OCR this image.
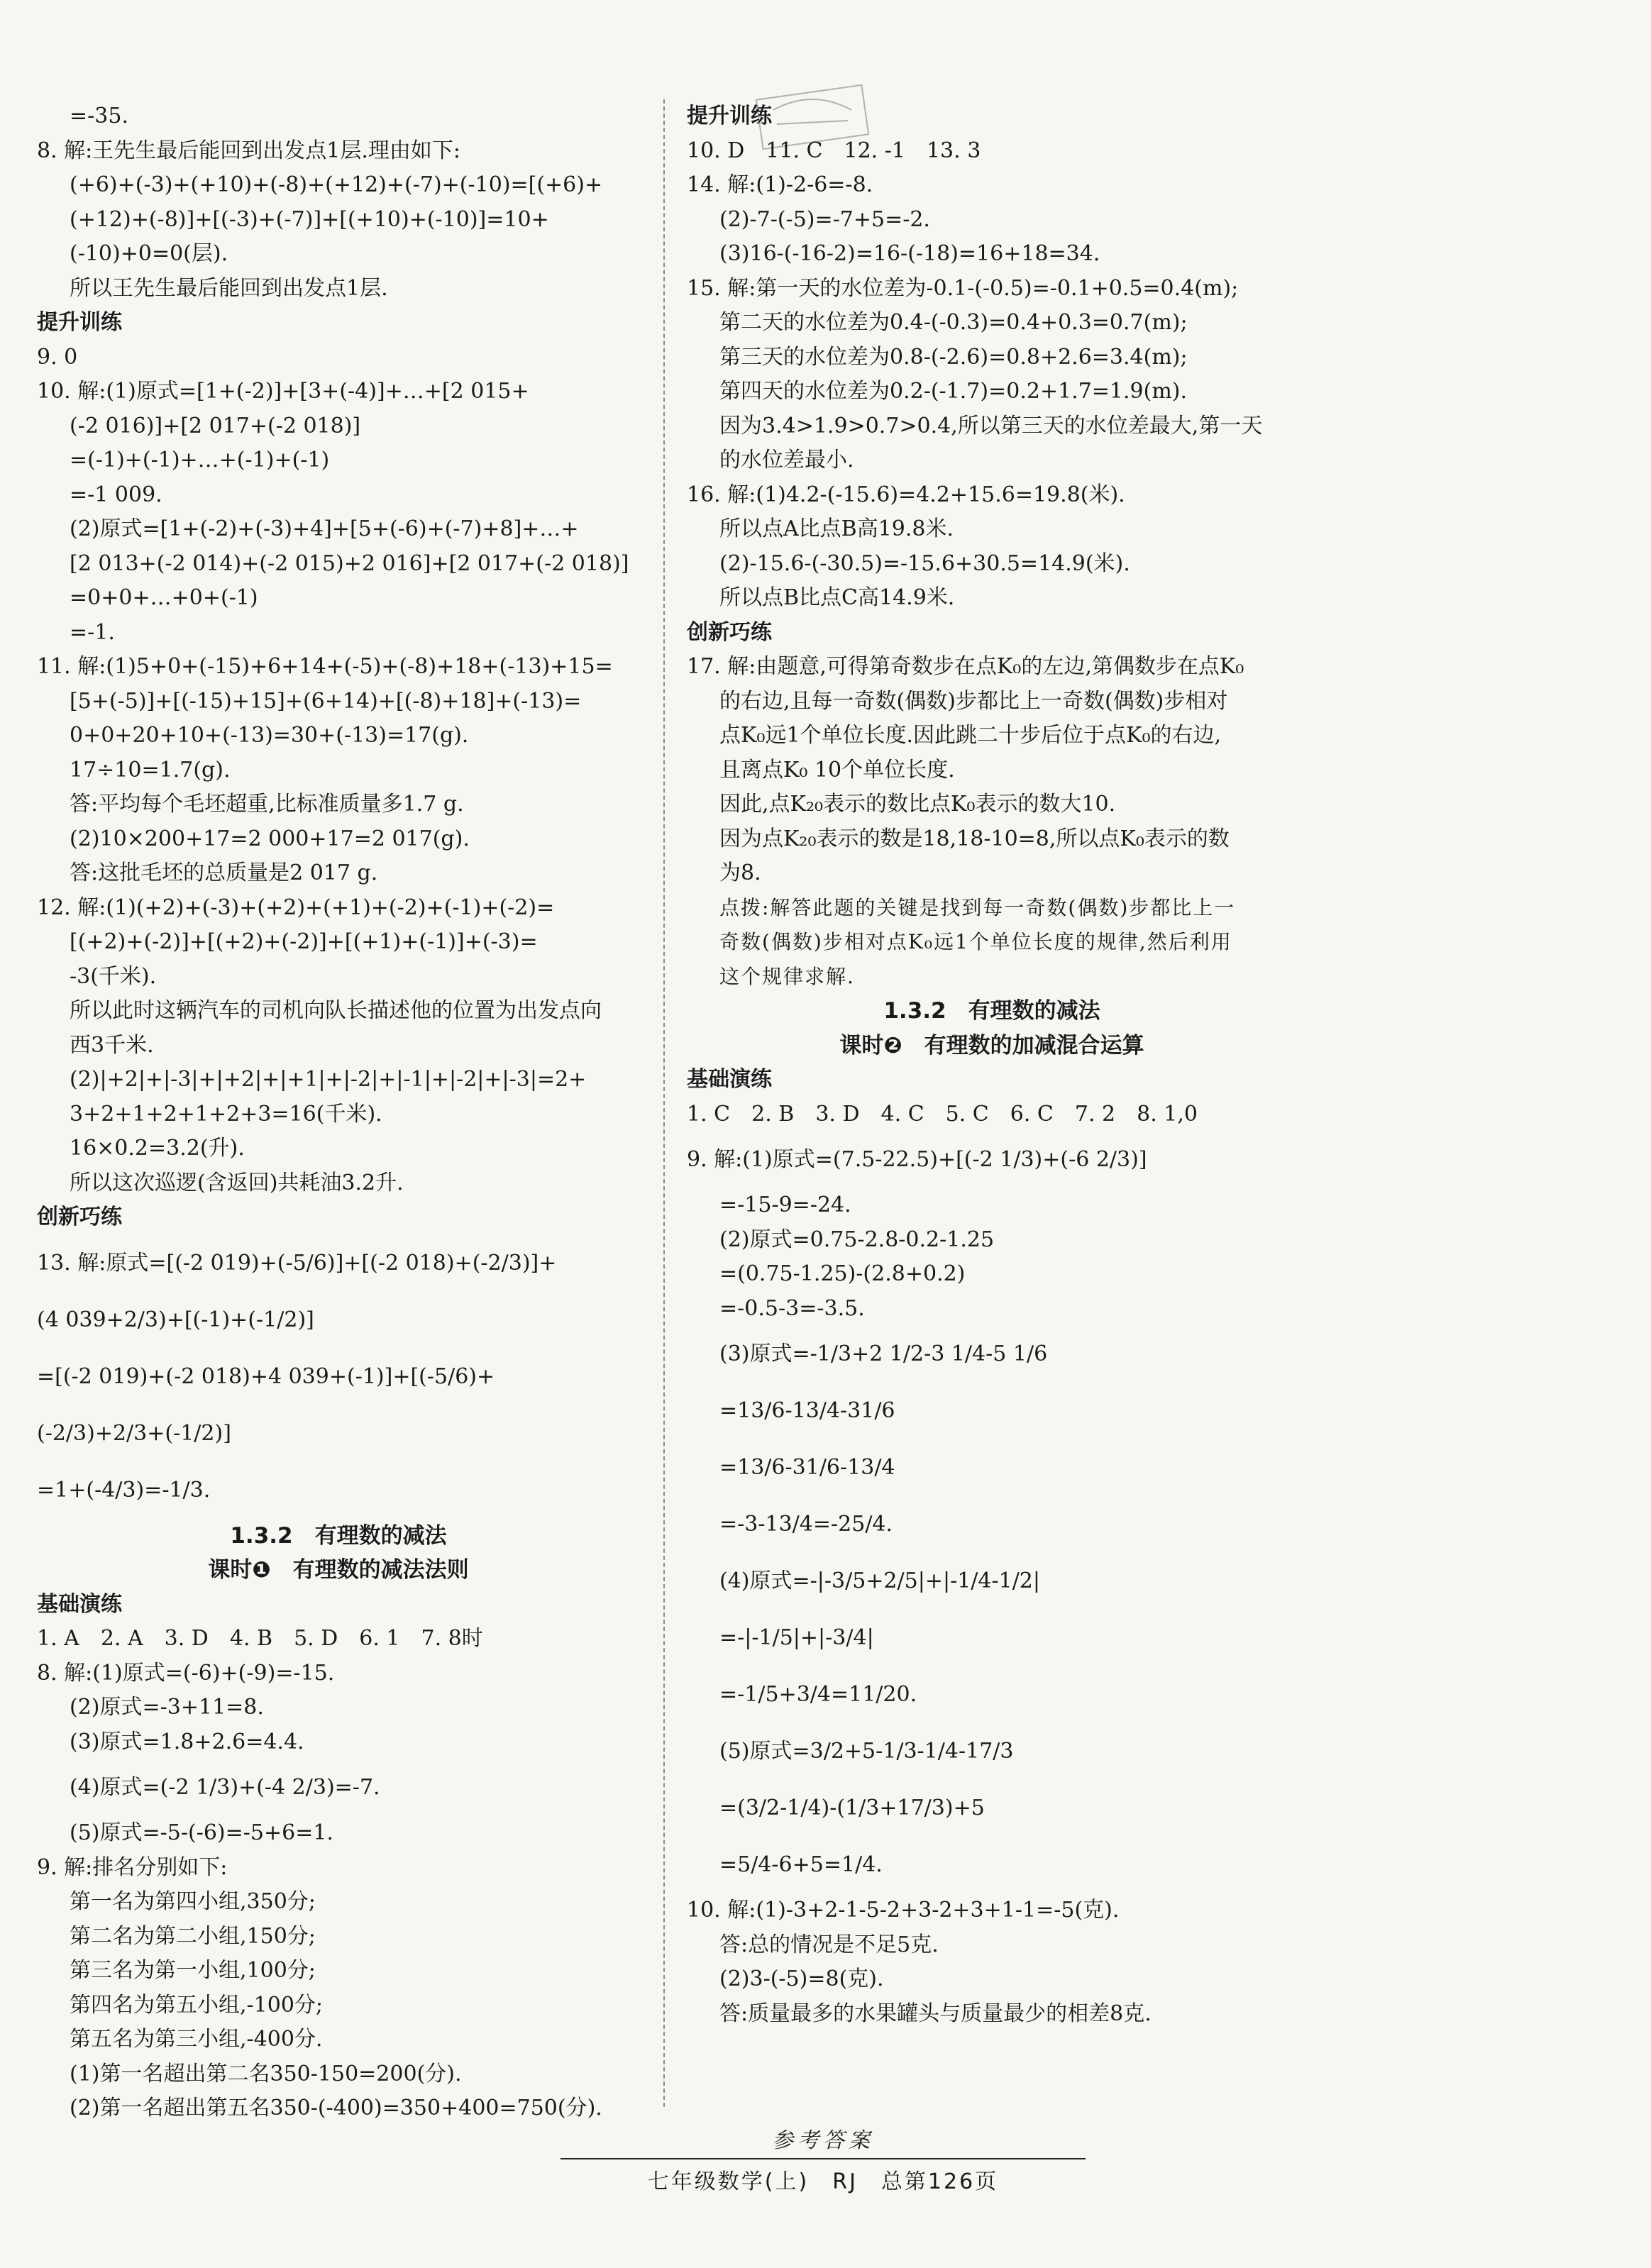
=-35.
8. 解:王先生最后能回到出发点1层.理由如下:
(+6)+(-3)+(+10)+(-8)+(+12)+(-7)+(-10)=[(+6)+
(+12)+(-8)]+[(-3)+(-7)]+[(+10)+(-10)]=10+
(-10)+0=0(层).
所以王先生最后能回到出发点1层.
提升训练
9. 0
10. 解:(1)原式=[1+(-2)]+[3+(-4)]+…+[2 015+
(-2 016)]+[2 017+(-2 018)]
=(-1)+(-1)+…+(-1)+(-1)
=-1 009.
(2)原式=[1+(-2)+(-3)+4]+[5+(-6)+(-7)+8]+…+
[2 013+(-2 014)+(-2 015)+2 016]+[2 017+(-2 018)]
=0+0+…+0+(-1)
=-1.
11. 解:(1)5+0+(-15)+6+14+(-5)+(-8)+18+(-13)+15=
[5+(-5)]+[(-15)+15]+(6+14)+[(-8)+18]+(-13)=
0+0+20+10+(-13)=30+(-13)=17(g).
17÷10=1.7(g).
答:平均每个毛坯超重,比标准质量多1.7 g.
(2)10×200+17=2 000+17=2 017(g).
答:这批毛坯的总质量是2 017 g.
12. 解:(1)(+2)+(-3)+(+2)+(+1)+(-2)+(-1)+(-2)=
[(+2)+(-2)]+[(+2)+(-2)]+[(+1)+(-1)]+(-3)=
-3(千米).
所以此时这辆汽车的司机向队长描述他的位置为出发点向
西3千米.
(2)|+2|+|-3|+|+2|+|+1|+|-2|+|-1|+|-2|+|-3|=2+
3+2+1+2+1+2+3=16(千米).
16×0.2=3.2(升).
所以这次巡逻(含返回)共耗油3.2升.
创新巧练
13. 解:原式=[(-2 019)+(-5/6)]+[(-2 018)+(-2/3)]+
(4 039+2/3)+[(-1)+(-1/2)]
=[(-2 019)+(-2 018)+4 039+(-1)]+[(-5/6)+
(-2/3)+2/3+(-1/2)]
=1+(-4/3)=-1/3.
1.3.2　有理数的减法
课时❶　有理数的减法法则
基础演练
1. A　2. A　3. D　4. B　5. D　6. 1　7. 8时
8. 解:(1)原式=(-6)+(-9)=-15.
(2)原式=-3+11=8.
(3)原式=1.8+2.6=4.4.
(4)原式=(-2 1/3)+(-4 2/3)=-7.
(5)原式=-5-(-6)=-5+6=1.
9. 解:排名分别如下:
第一名为第四小组,350分;
第二名为第二小组,150分;
第三名为第一小组,100分;
第四名为第五小组,-100分;
第五名为第三小组,-400分.
(1)第一名超出第二名350-150=200(分).
(2)第一名超出第五名350-(-400)=350+400=750(分).
提升训练
10. D　11. C　12. -1　13. 3
14. 解:(1)-2-6=-8.
(2)-7-(-5)=-7+5=-2.
(3)16-(-16-2)=16-(-18)=16+18=34.
15. 解:第一天的水位差为-0.1-(-0.5)=-0.1+0.5=0.4(m);
第二天的水位差为0.4-(-0.3)=0.4+0.3=0.7(m);
第三天的水位差为0.8-(-2.6)=0.8+2.6=3.4(m);
第四天的水位差为0.2-(-1.7)=0.2+1.7=1.9(m).
因为3.4>1.9>0.7>0.4,所以第三天的水位差最大,第一天
的水位差最小.
16. 解:(1)4.2-(-15.6)=4.2+15.6=19.8(米).
所以点A比点B高19.8米.
(2)-15.6-(-30.5)=-15.6+30.5=14.9(米).
所以点B比点C高14.9米.
创新巧练
17. 解:由题意,可得第奇数步在点K₀的左边,第偶数步在点K₀
的右边,且每一奇数(偶数)步都比上一奇数(偶数)步相对
点K₀远1个单位长度.因此跳二十步后位于点K₀的右边,
且离点K₀ 10个单位长度.
因此,点K₂₀表示的数比点K₀表示的数大10.
因为点K₂₀表示的数是18,18-10=8,所以点K₀表示的数
为8.
点拨:解答此题的关键是找到每一奇数(偶数)步都比上一
奇数(偶数)步相对点K₀远1个单位长度的规律,然后利用
这个规律求解.
1.3.2　有理数的减法
课时❷　有理数的加减混合运算
基础演练
1. C　2. B　3. D　4. C　5. C　6. C　7. 2　8. 1,0
9. 解:(1)原式=(7.5-22.5)+[(-2 1/3)+(-6 2/3)]
=-15-9=-24.
(2)原式=0.75-2.8-0.2-1.25
=(0.75-1.25)-(2.8+0.2)
=-0.5-3=-3.5.
(3)原式=-1/3+2 1/2-3 1/4-5 1/6
=13/6-13/4-31/6
=13/6-31/6-13/4
=-3-13/4=-25/4.
(4)原式=-|-3/5+2/5|+|-1/4-1/2|
=-|-1/5|+|-3/4|
=-1/5+3/4=11/20.
(5)原式=3/2+5-1/3-1/4-17/3
=(3/2-1/4)-(1/3+17/3)+5
=5/4-6+5=1/4.
10. 解:(1)-3+2-1-5-2+3-2+3+1-1=-5(克).
答:总的情况是不足5克.
(2)3-(-5)=8(克).
答:质量最多的水果罐头与质量最少的相差8克.
参考答案
七年级数学(上)　RJ　总第126页
